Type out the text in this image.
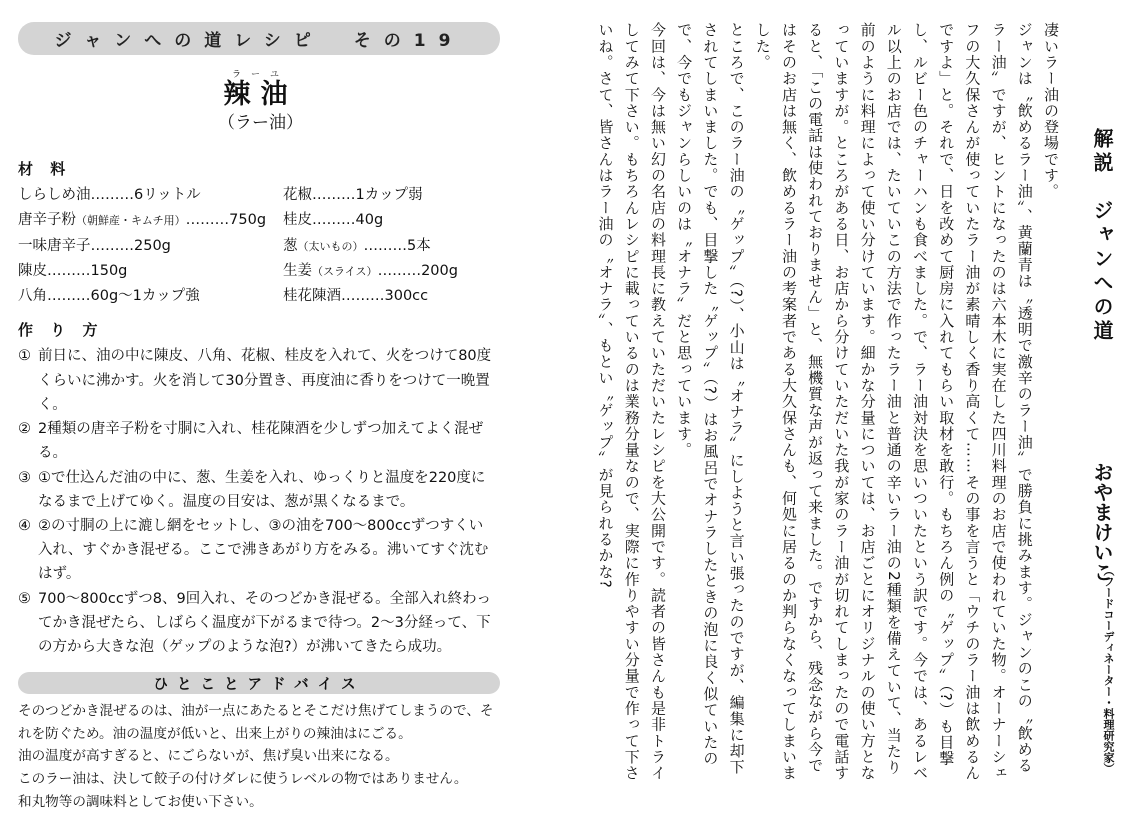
ジャンへの道レシピ　その19
ラーユ
辣油
（ラー油）
材 料
しらしめ油………6リットル	花椒………1カップ弱
唐辛子粉（朝鮮産・キムチ用）………750g	桂皮………40g
一味唐辛子………250g	葱（太いもの）………5本
陳皮………150g	生姜（スライス）………200g
八角………60g～1カップ強	桂花陳酒………300cc
作 り 方
① 前日に、油の中に陳皮、八角、花椒、桂皮を入れて、火をつけて80度くらいに沸かす。火を消して30分置き、再度油に香りをつけて一晩置く。
② 2種類の唐辛子粉を寸胴に入れ、桂花陳酒を少しずつ加えてよく混ぜる。
③ ①で仕込んだ油の中に、葱、生姜を入れ、ゆっくりと温度を220度になるまで上げてゆく。温度の目安は、葱が黒くなるまで。
④ ②の寸胴の上に漉し網をセットし、③の油を700～800ccずつすくい入れ、すぐかき混ぜる。ここで沸きあがり方をみる。沸いてすぐ沈むはず。
⑤ 700～800ccずつ8、9回入れ、そのつどかき混ぜる。全部入れ終わってかき混ぜたら、しばらく温度が下がるまで待つ。2～3分経って、下の方から大きな泡（ゲップのような泡?）が沸いてきたら成功。
ひとことアドバイス
そのつどかき混ぜるのは、油が一点にあたるとそこだけ焦げてしまうので、そ
れを防ぐため。油の温度が低いと、出来上がりの辣油はにごる。
油の温度が高すぎると、にごらないが、焦げ臭い出来になる。
このラー油は、決して餃子の付けダレに使うレベルの物ではありません。
和丸物等の調味料としてお使い下さい。
解説　ジャンへの道
おやまけいこ
（フードコーディネーター・料理研究家）

凄いラー油の登場です。

ジャンは〝飲めるラー油〟、黄蘭青は〝透明で激辛のラー油〟で勝負に挑みます。ジャンのこの〝飲めるラー油〟ですが、ヒントになったのは六本木に実在した四川料理のお店で使われていた物。オーナーシェフの大久保さんが使っていたラー油が素晴しく香り高くて……その事を言うと「ウチのラー油は飲めるんですよ」と。それで、日を改めて厨房に入れてもらい取材を敢行。もちろん例の〝ゲップ〟（?）も目撃し、ルビー色のチャーハンも食べました。で、ラー油対決を思いついたという訳です。今では、あるレベル以上のお店では、たいていこの方法で作ったラー油と普通の辛いラー油の2種類を備えていて、当たり前のように料理によって使い分けています。細かな分量については、お店ごとにオリジナルの使い方となっていますが。ところがある日、お店から分けていただいた我が家のラー油が切れてしまったので電話すると、「この電話は使われておりません」と、無機質な声が返って来ました。ですから、残念ながら今ではそのお店は無く、飲めるラー油の考案者である大久保さんも、何処に居るのか判らなくなってしまいました。

ところで、このラー油の〝ゲップ〟（?）、小山は〝オナラ〟にしようと言い張ったのですが、編集に却下されてしまいました。でも、目撃した〝ゲップ〟（?）はお風呂でオナラしたときの泡に良く似ていたので、今でもジャンらしいのは〝オナラ〟だと思っています。

今回は、今は無い幻の名店の料理長に教えていただいたレシピを大公開です。読者の皆さんも是非トライしてみて下さい。もちろんレシピに載っているのは業務分量なので、実際に作りやすい分量で作って下さいね。さて、皆さんはラー油の〝オナラ〟、もとい〝ゲップ〟が見られるかな?
